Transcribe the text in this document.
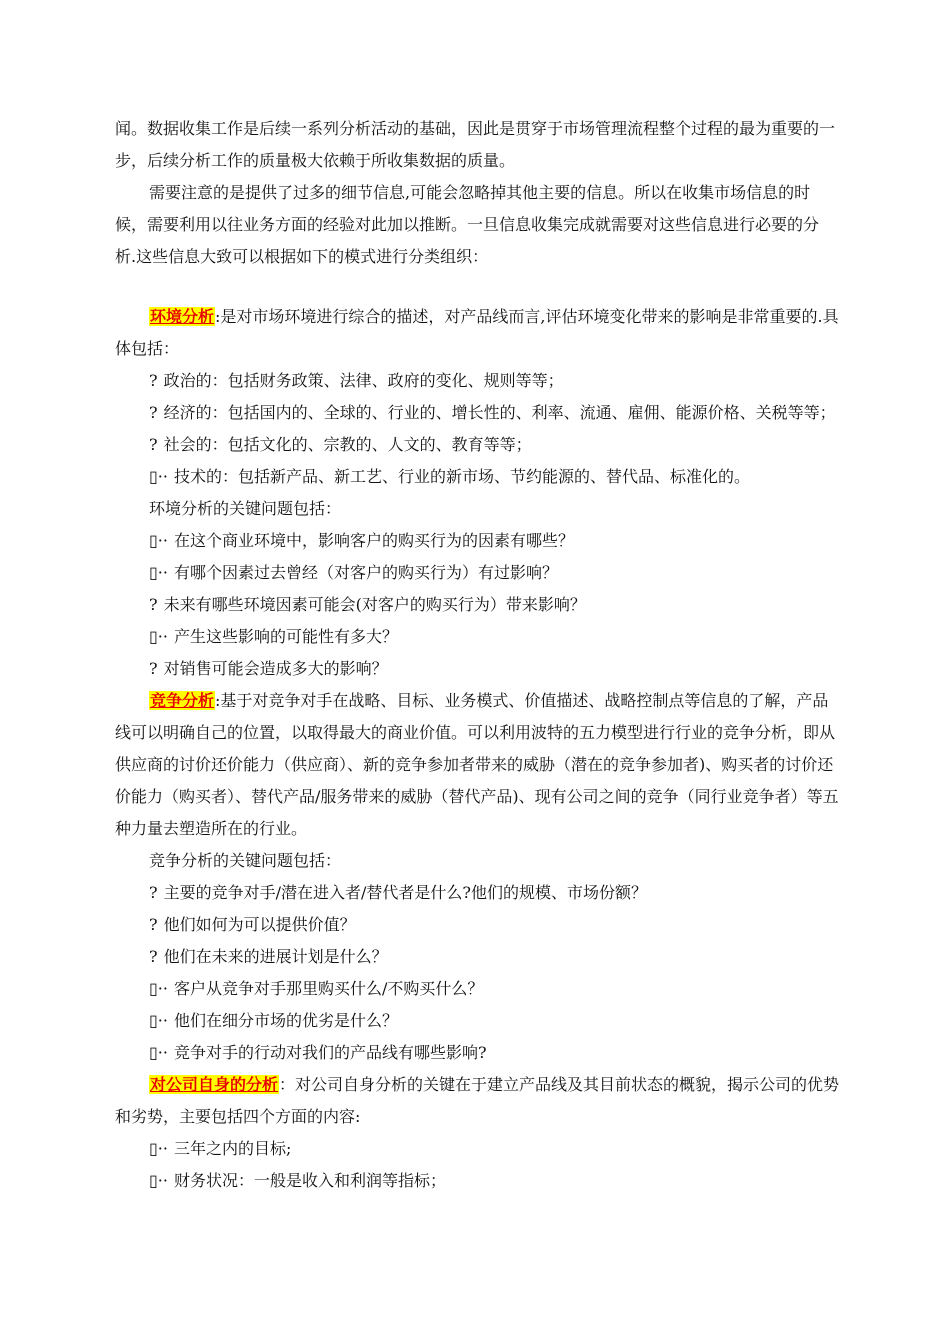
闻。数据收集工作是后续一系列分析活动的基础，因此是贯穿于市场管理流程整个过程的最为重要的一步，后续分析工作的质量极大依赖于所收集数据的质量。

需要注意的是提供了过多的细节信息,可能会忽略掉其他主要的信息。所以在收集市场信息的时候，需要利用以往业务方面的经验对此加以推断。一旦信息收集完成就需要对这些信息进行必要的分析.这些信息大致可以根据如下的模式进行分类组织：

环境分析:是对市场环境进行综合的描述，对产品线而言,评估环境变化带来的影响是非常重要的.具体包括：

? 政治的：包括财务政策、法律、政府的变化、规则等等；

? 经济的：包括国内的、全球的、行业的、增长性的、利率、流通、雇佣、能源价格、关税等等；

? 社会的：包括文化的、宗教的、人文的、教育等等；

▯·· 技术的：包括新产品、新工艺、行业的新市场、节约能源的、替代品、标准化的。

环境分析的关键问题包括：

▯·· 在这个商业环境中，影响客户的购买行为的因素有哪些？

▯·· 有哪个因素过去曾经（对客户的购买行为）有过影响？

? 未来有哪些环境因素可能会(对客户的购买行为）带来影响？

▯·· 产生这些影响的可能性有多大？

? 对销售可能会造成多大的影响？

竞争分析:基于对竞争对手在战略、目标、业务模式、价值描述、战略控制点等信息的了解，产品线可以明确自己的位置，以取得最大的商业价值。可以利用波特的五力模型进行行业的竞争分析，即从供应商的讨价还价能力（供应商）、新的竞争参加者带来的威胁（潜在的竞争参加者)、购买者的讨价还价能力（购买者）、替代产品/服务带来的威胁（替代产品)、现有公司之间的竞争（同行业竞争者）等五种力量去塑造所在的行业。

竞争分析的关键问题包括：

? 主要的竞争对手/潜在进入者/替代者是什么?他们的规模、市场份额？

? 他们如何为可以提供价值？

? 他们在未来的进展计划是什么？

▯·· 客户从竞争对手那里购买什么/不购买什么？

▯·· 他们在细分市场的优劣是什么？

▯·· 竞争对手的行动对我们的产品线有哪些影响?

对公司自身的分析：对公司自身分析的关键在于建立产品线及其目前状态的概貌，揭示公司的优势和劣势，主要包括四个方面的内容:

▯·· 三年之内的目标;

▯·· 财务状况：一般是收入和利润等指标；
